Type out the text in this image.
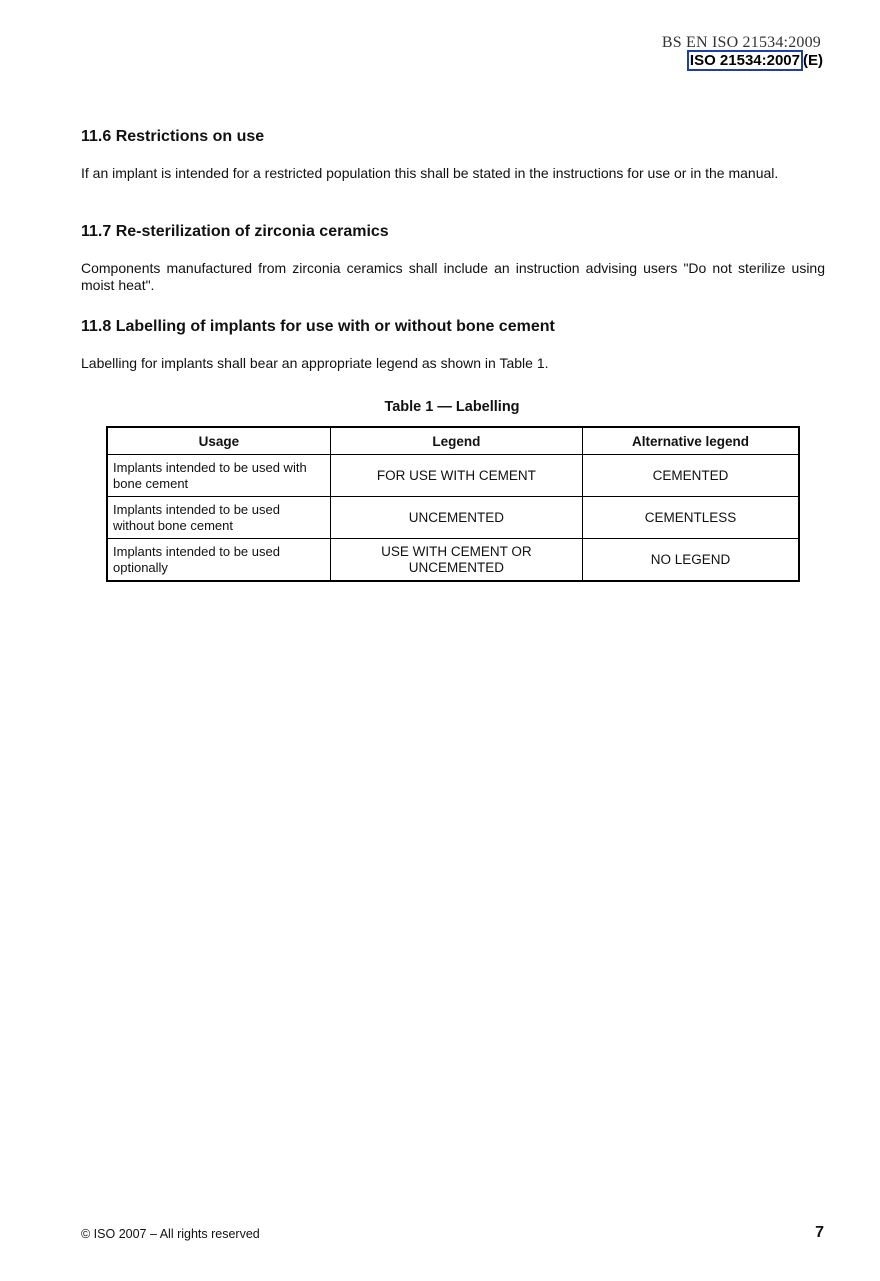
BS EN ISO 21534:2009
ISO 21534:2007 (E)
11.6 Restrictions on use

If an implant is intended for a restricted population this shall be stated in the instructions for use or in the manual.

11.7 Re-sterilization of zirconia ceramics

Components manufactured from zirconia ceramics shall include an instruction advising users "Do not sterilize using moist heat".

11.8 Labelling of implants for use with or without bone cement

Labelling for implants shall bear an appropriate legend as shown in Table 1.

Table 1 — Labelling
Usage	Legend	Alternative legend
Implants intended to be used with bone cement	FOR USE WITH CEMENT	CEMENTED
Implants intended to be used without bone cement	UNCEMENTED	CEMENTLESS
Implants intended to be used optionally	USE WITH CEMENT OR UNCEMENTED	NO LEGEND
© ISO 2007 – All rights reserved	7
